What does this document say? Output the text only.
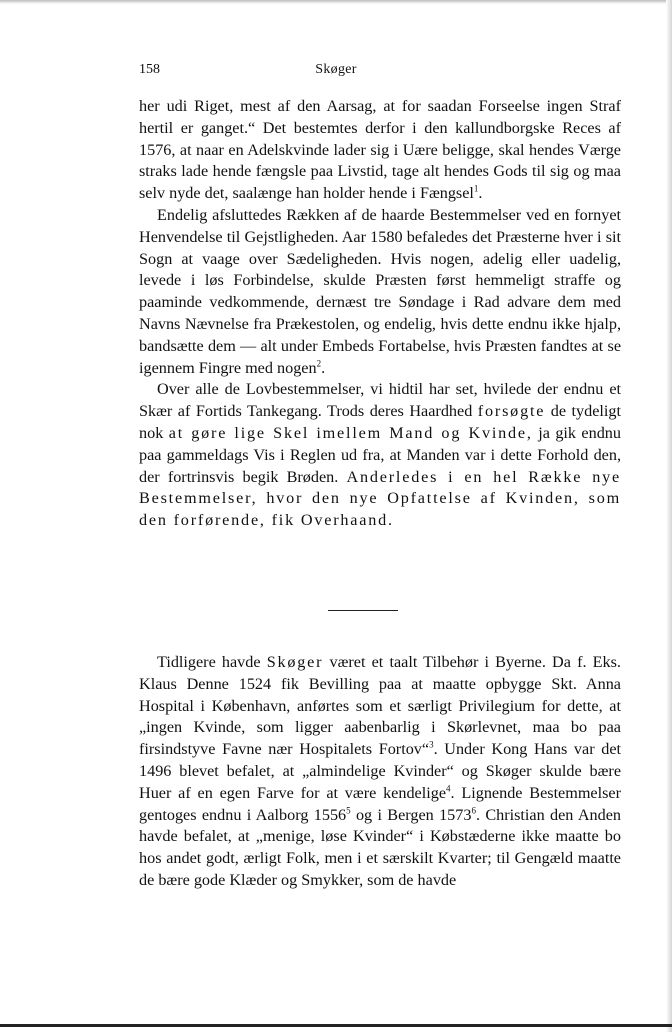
158	Skøger

her udi Riget, mest af den Aarsag, at for saadan Forseelse ingen Straf hertil er ganget.“ Det bestemtes derfor i den kallundborgske Reces af 1576, at naar en Adelskvinde lader sig i Uære beligge, skal hendes Værge straks lade hende fængsle paa Livstid, tage alt hendes Gods til sig og maa selv nyde det, saalænge han holder hende i Fængsel$^1$.

Endelig afsluttedes Rækken af de haarde Bestemmelser ved en fornyet Henvendelse til Gejstligheden. Aar 1580 befaledes det Præsterne hver i sit Sogn at vaage over Sædeligheden. Hvis nogen, adelig eller uadelig, levede i løs Forbindelse, skulde Præsten først hemmeligt straffe og paaminde vedkommende, dernæst tre Søndage i Rad advare dem med Navns Nævnelse fra Prækestolen, og endelig, hvis dette endnu ikke hjalp, bandsætte dem — alt under Embeds Fortabelse, hvis Præsten fandtes at se igennem Fingre med nogen$^2$.

Over alle de Lovbestemmelser, vi hidtil har set, hvilede der endnu et Skær af Fortids Tankegang. Trods deres Haardhed forsøgte de tydeligt nok at gøre lige Skel imellem Mand og Kvinde, ja gik endnu paa gammeldags Vis i Reglen ud fra, at Manden var i dette Forhold den, der fortrinsvis begik Brøden. Anderledes i en hel Række nye Bestemmelser, hvor den nye Opfattelse af Kvinden, som den forførende, fik Overhaand.

Tidligere havde Skøger været et taalt Tilbehør i Byerne. Da f. Eks. Klaus Denne 1524 fik Bevilling paa at maatte opbygge Skt. Anna Hospital i København, anførtes som et særligt Privilegium for dette, at „ingen Kvinde, som ligger aabenbarlig i Skørlevnet, maa bo paa firsindstyve Favne nær Hospitalets Fortov“$^3$. Under Kong Hans var det 1496 blevet befalet, at „almindelige Kvinder“ og Skøger skulde bære Huer af en egen Farve for at være kendelige$^4$. Lignende Bestemmelser gentoges endnu i Aalborg 1556$^5$ og i Bergen 1573$^6$. Christian den Anden havde befalet, at „menige, løse Kvinder“ i Købstæderne ikke maatte bo hos andet godt, ærligt Folk, men i et særskilt Kvarter; til Gengæld maatte de bære gode Klæder og Smykker, som de havde
